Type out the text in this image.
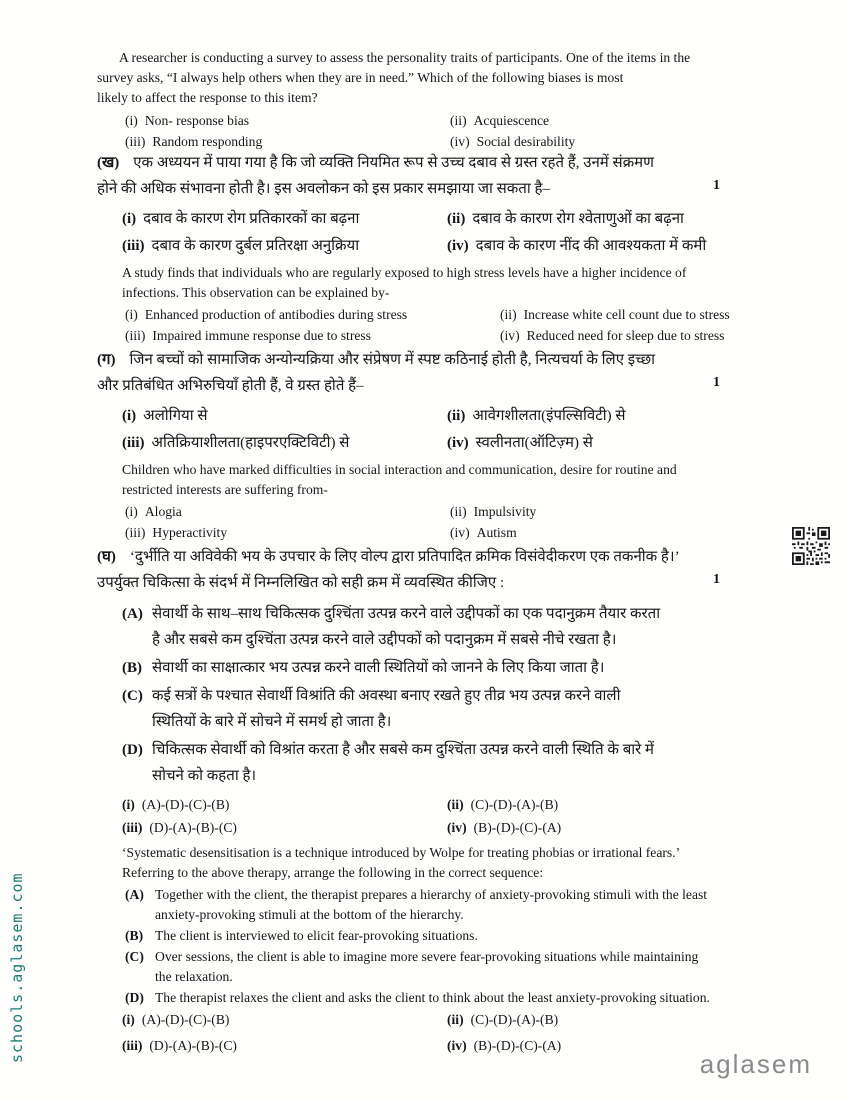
A researcher is conducting a survey to assess the personality traits of participants. One of the items in the
survey asks, “I always help others when they are in need.” Which of the following biases is most
likely to affect the response to this item?
(i) Non- response bias	(ii) Acquiescence
(iii) Random responding	(iv) Social desirability
(ख) एक अध्ययन में पाया गया है कि जो व्यक्ति नियमित रूप से उच्च दबाव से ग्रस्त रहते हैं, उनमें संक्रमण
होने की अधिक संभावना होती है। इस अवलोकन को इस प्रकार समझाया जा सकता है–	1
(i) दबाव के कारण रोग प्रतिकारकों का बढ़ना	(ii) दबाव के कारण रोग श्वेताणुओं का बढ़ना
(iii) दबाव के कारण दुर्बल प्रतिरक्षा अनुक्रिया	(iv) दबाव के कारण नींद की आवश्यकता में कमी
A study finds that individuals who are regularly exposed to high stress levels have a higher incidence of
infections. This observation can be explained by-
(i) Enhanced production of antibodies during stress	(ii) Increase white cell count due to stress
(iii) Impaired immune response due to stress	(iv) Reduced need for sleep due to stress
(ग) जिन बच्चों को सामाजिक अन्योन्यक्रिया और संप्रेषण में स्पष्ट कठिनाई होती है, नित्यचर्या के लिए इच्छा
और प्रतिबंधित अभिरुचियाँ होती हैं, वे ग्रस्त होते हैं–	1
(i) अलोगिया से	(ii) आवेगशीलता(इंपल्सिविटी) से
(iii) अतिक्रियाशीलता(हाइपरएक्टिविटी) से	(iv) स्वलीनता(ऑटिज़्म) से
Children who have marked difficulties in social interaction and communication, desire for routine and
restricted interests are suffering from-
(i) Alogia	(ii) Impulsivity
(iii) Hyperactivity	(iv) Autism
(घ) ‘दुर्भीति या अविवेकी भय के उपचार के लिए वोल्प द्वारा प्रतिपादित क्रमिक विसंवेदीकरण एक तकनीक है।’
उपर्युक्त चिकित्सा के संदर्भ में निम्नलिखित को सही क्रम में व्यवस्थित कीजिए :	1
(A) सेवार्थी के साथ–साथ चिकित्सक दुश्चिंता उत्पन्न करने वाले उद्दीपकों का एक पदानुक्रम तैयार करता
है और सबसे कम दुश्चिंता उत्पन्न करने वाले उद्दीपकों को पदानुक्रम में सबसे नीचे रखता है।
(B) सेवार्थी का साक्षात्कार भय उत्पन्न करने वाली स्थितियों को जानने के लिए किया जाता है।
(C) कई सत्रों के पश्चात सेवार्थी विश्रांति की अवस्था बनाए रखते हुए तीव्र भय उत्पन्न करने वाली
स्थितियों के बारे में सोचने में समर्थ हो जाता है।
(D) चिकित्सक सेवार्थी को विश्रांत करता है और सबसे कम दुश्चिंता उत्पन्न करने वाली स्थिति के बारे में
सोचने को कहता है।
(i) (A)-(D)-(C)-(B)	(ii) (C)-(D)-(A)-(B)
(iii) (D)-(A)-(B)-(C)	(iv) (B)-(D)-(C)-(A)
‘Systematic desensitisation is a technique introduced by Wolpe for treating phobias or irrational fears.’
Referring to the above therapy, arrange the following in the correct sequence:
(A) Together with the client, the therapist prepares a hierarchy of anxiety-provoking stimuli with the least
anxiety-provoking stimuli at the bottom of the hierarchy.
(B) The client is interviewed to elicit fear-provoking situations.
(C) Over sessions, the client is able to imagine more severe fear-provoking situations while maintaining
the relaxation.
(D) The therapist relaxes the client and asks the client to think about the least anxiety-provoking situation.
(i) (A)-(D)-(C)-(B)	(ii) (C)-(D)-(A)-(B)
(iii) (D)-(A)-(B)-(C)	(iv) (B)-(D)-(C)-(A)
schools.aglasem.com
aglasem
